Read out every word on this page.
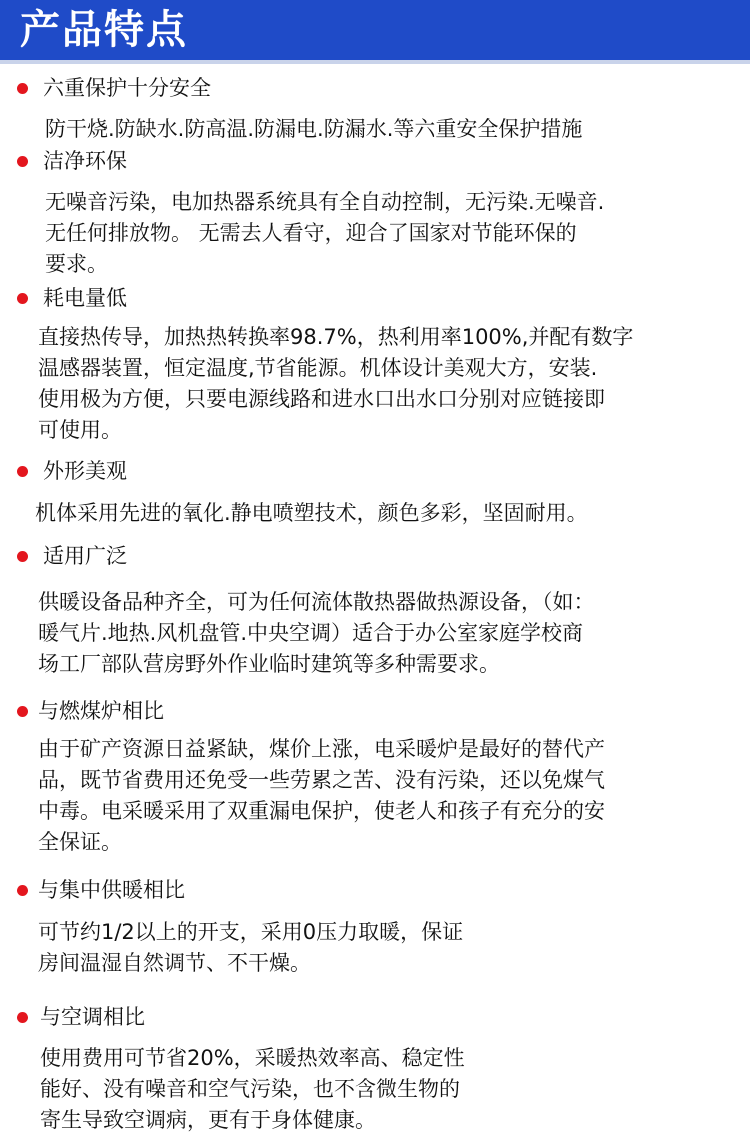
产品特点
六重保护十分安全
防干烧.防缺水.防高温.防漏电.防漏水.等六重安全保护措施
洁净环保
无噪音污染，电加热器系统具有全自动控制，无污染.无噪音.
无任何排放物。 无需去人看守，迎合了国家对节能环保的
要求。
耗电量低
直接热传导，加热热转换率98.7%，热利用率100%,并配有数字
温感器装置，恒定温度,节省能源。机体设计美观大方，安装.
使用极为方便，只要电源线路和进水口出水口分别对应链接即
可使用。
外形美观
机体采用先进的氧化.静电喷塑技术，颜色多彩，坚固耐用。
适用广泛
供暖设备品种齐全，可为任何流体散热器做热源设备，（如：
暖气片.地热.风机盘管.中央空调）适合于办公室家庭学校商
场工厂部队营房野外作业临时建筑等多种需要求。
与燃煤炉相比
由于矿产资源日益紧缺，煤价上涨，电采暖炉是最好的替代产
品，既节省费用还免受一些劳累之苦、没有污染，还以免煤气
中毒。电采暖采用了双重漏电保护，使老人和孩子有充分的安
全保证。
与集中供暖相比
可节约1/2以上的开支，采用0压力取暖，保证
房间温湿自然调节、不干燥。
与空调相比
使用费用可节省20%，采暖热效率高、稳定性
能好、没有噪音和空气污染，也不含微生物的
寄生导致空调病，更有于身体健康。
